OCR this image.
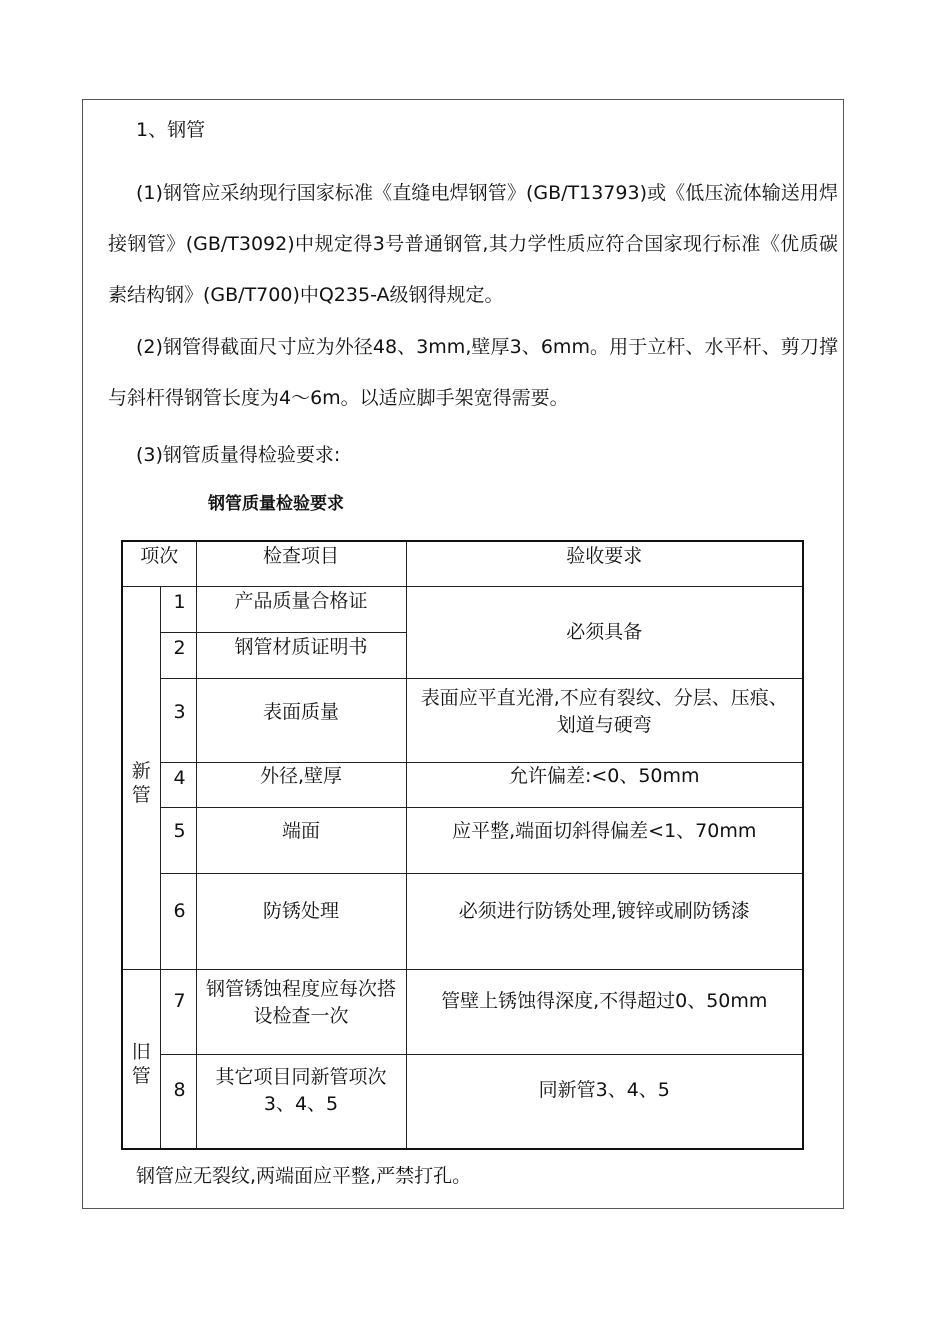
1、钢管
(1)钢管应采纳现行国家标准《直缝电焊钢管》(GB/T13793)或《低压流体输送用焊接钢管》(GB/T3092)中规定得3号普通钢管,其力学性质应符合国家现行标准《优质碳素结构钢》(GB/T700)中Q235-A级钢得规定。
(2)钢管得截面尺寸应为外径48、3mm,壁厚3、6mm。用于立杆、水平杆、剪刀撑与斜杆得钢管长度为4～6m。以适应脚手架宽得需要。
(3)钢管质量得检验要求:
钢管质量检验要求
项次		检查项目	验收要求

新
管	1	产品质量合格证	必须具备
	2	钢管材质证明书	
	3	表面质量	表面应平直光滑,不应有裂纹、分层、压痕、划道与硬弯
	4	外径,壁厚	允许偏差:<0、50mm
	5	端面	应平整,端面切斜得偏差<1、70mm
	6	防锈处理	必须进行防锈处理,镀锌或刷防锈漆

旧
管	7	钢管锈蚀程度应每次搭设检查一次	管壁上锈蚀得深度,不得超过0、50mm
	8	其它项目同新管项次3、4、5	同新管3、4、5
钢管应无裂纹,两端面应平整,严禁打孔。
